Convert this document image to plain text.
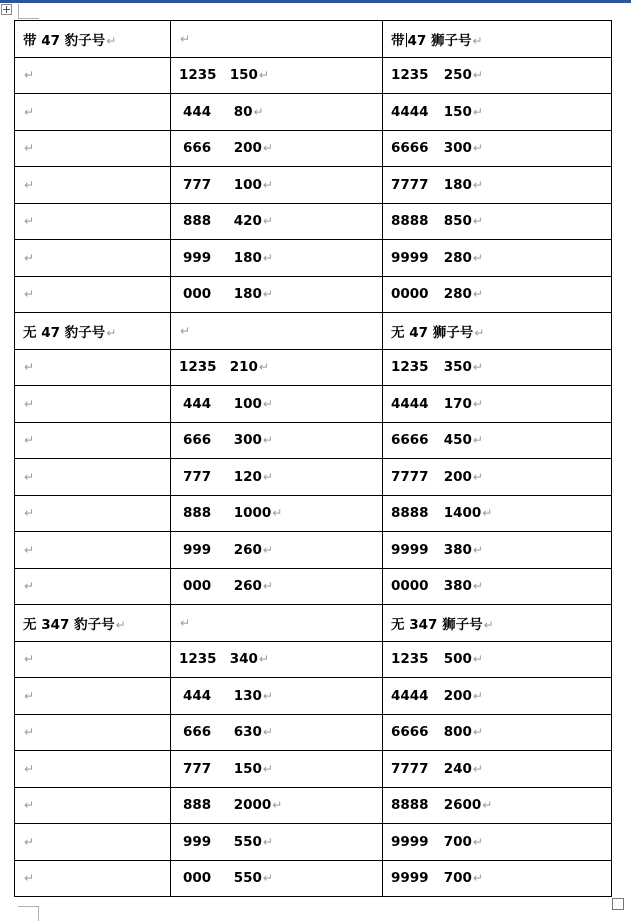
带 47 豹子号↵	↵	带 47 狮子号↵
↵	1235 150↵	1235 250↵
↵	444 80↵	4444 150↵
↵	666 200↵	6666 300↵
↵	777 100↵	7777 180↵
↵	888 420↵	8888 850↵
↵	999 180↵	9999 280↵
↵	000 180↵	0000 280↵
无 47 豹子号↵	↵	无 47 狮子号↵
↵	1235 210↵	1235 350↵
↵	444 100↵	4444 170↵
↵	666 300↵	6666 450↵
↵	777 120↵	7777 200↵
↵	888 1000↵	8888 1400↵
↵	999 260↵	9999 380↵
↵	000 260↵	0000 380↵
无 347 豹子号↵	↵	无 347 狮子号↵
↵	1235 340↵	1235 500↵
↵	444 130↵	4444 200↵
↵	666 630↵	6666 800↵
↵	777 150↵	7777 240↵
↵	888 2000↵	8888 2600↵
↵	999 550↵	9999 700↵
↵	000 550↵	9999 700↵
